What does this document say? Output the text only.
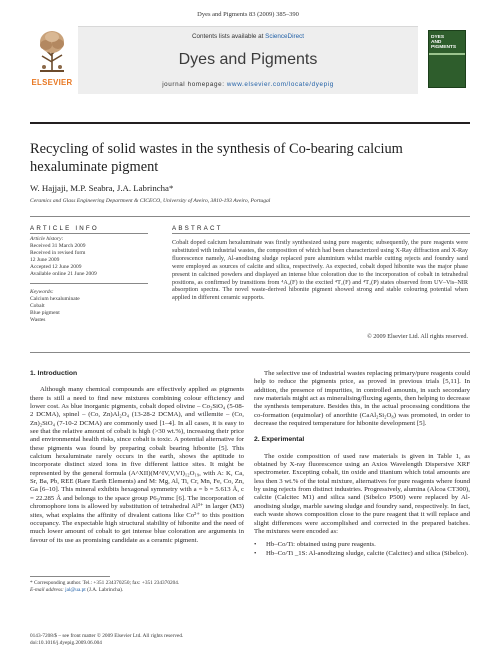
Dyes and Pigments 83 (2009) 385–390
ELSEVIER
Contents lists available at ScienceDirect
Dyes and Pigments
journal homepage: www.elsevier.com/locate/dyepig
DYES
AND
PIGMENTS
Recycling of solid wastes in the synthesis of Co-bearing calcium
hexaluminate pigment
W. Hajjaji, M.P. Seabra, J.A. Labrincha*
Ceramics and Glass Engineering Department & CICECO, University of Aveiro, 3810-193 Aveiro, Portugal
ARTICLE INFO	ABSTRACT
Article history:
Received 31 March 2009
Received in revised form
12 June 2009
Accepted 12 June 2009
Available online 21 June 2009
Keywords:
Calcium hexaluminate
Cobalt
Blue pigment
Wastes
Cobalt doped calcium hexaluminate was firstly synthesized using pure reagents; subsequently, the pure reagents were substituted with industrial wastes, the composition of which had been characterized using X-Ray diffraction and X-Ray fluorescence namely, Al-anodising sludge replaced pure aluminium whilst marble cutting rejects and foundry sand were employed as sources of calcite and silica, respectively. As expected, cobalt doped hibonite was the major phase present in calcined powders and displayed an intense blue coloration due to the incorporation of cobalt in tetrahedral positions, as confirmed by transitions from ⁴A₂(F) to the excited ⁴T₁(F) and ⁴T₁(P) states observed from UV–Vis–NIR absorption spectra. The novel waste-derived hibonite pigment showed strong and stable colouring potential when applied in different ceramic supports.
© 2009 Elsevier Ltd. All rights reserved.
1. Introduction
Although many chemical compounds are effectively applied as pigments there is still a need to find new mixtures combining colour efficiency and lower cost. As blue inorganic pigments, cobalt doped olivine – Co₂SiO₄ (5-08-2 DCMA), spinel – (Co, Zn)Al₂O₄ (13-28-2 DCMA), and willemite – (Co, Zn)₂SiO₄ (7-10-2 DCMA) are commonly used [1–4]. In all cases, it is easy to see that the relative amount of cobalt is high (>30 wt.%), increasing their price and environmental health risks, since cobalt is toxic. A potential alternative for these pigments was found by preparing cobalt bearing hibonite [5]. This calcium hexaluminate rarely occurs in the earth, shows the aptitude to incorporate distinct sized ions in five different lattice sites. It might be represented by the general formula (A^XII)(M^IV,V,VI)₁₂O₁₉, with A: K, Ca, Sr, Ba, Pb, REE (Rare Earth Elements) and M: Mg, Al, Ti, Cr, Mn, Fe, Co, Zn, Ga [6–10]. This mineral exhibits hexagonal symmetry with a = b = 5.613 Å, c = 22.285 Å and belongs to the space group P6₃/mmc [6]. The incorporation of chromophore ions is allowed by substitution of tetrahedral Al³⁺ in larger (M3) sites, what explains the affinity of divalent cations like Co²⁺ to this position occupancy. The expectable high structural stability of hibonite and the need of much lower amount of cobalt to get intense blue coloration are arguments in favour of its use as promising candidate as a ceramic pigment.
The selective use of industrial wastes replacing primary/pure reagents could help to reduce the pigments price, as proved in previous trials [5,11]. In addition, the presence of impurities, in controlled amounts, in such secondary raw materials might act as mineralising/fluxing agents, then helping to decrease the synthesis temperature. Besides this, in the actual processing conditions the co-formation (equimolar) of anorthite (CaAl₂Si₂O₈) was promoted, in order to decrease the required temperature for hibonite development [5].
2. Experimental
The oxide composition of used raw materials is given in Table 1, as obtained by X-ray fluorescence using an Axios Wavelength Dispersive XRF spectrometer. Excepting cobalt, tin oxide and titanium which total amounts are less then 3 wt.% of the total mixture, alternatives for pure reagents where found by using rejects from distinct industries. Progressively, alumina (Alcoa CT300), calcite (Calcitec M1) and silica sand (Sibelco P500) were replaced by Al-anodising sludge, marble sawing sludge and foundry sand, respectively. In fact, each waste shows composition close to the pure reagent that it will replace and slight differences were accomplished and corrected in the prepared batches. The mixtures were encoded as:
•	Hb–Co/Ti: obtained using pure reagents.
•	Hb–Co/Ti _1S: Al-anodizing sludge, calcite (Calcitec) and silica (Sibelco).
* Corresponding author. Tel.: +351 234370250; fax: +351 234370204.
E-mail address: jal@ua.pt (J.A. Labrincha).
0143-7208/$ – see front matter © 2009 Elsevier Ltd. All rights reserved.
doi:10.1016/j.dyepig.2009.06.004
